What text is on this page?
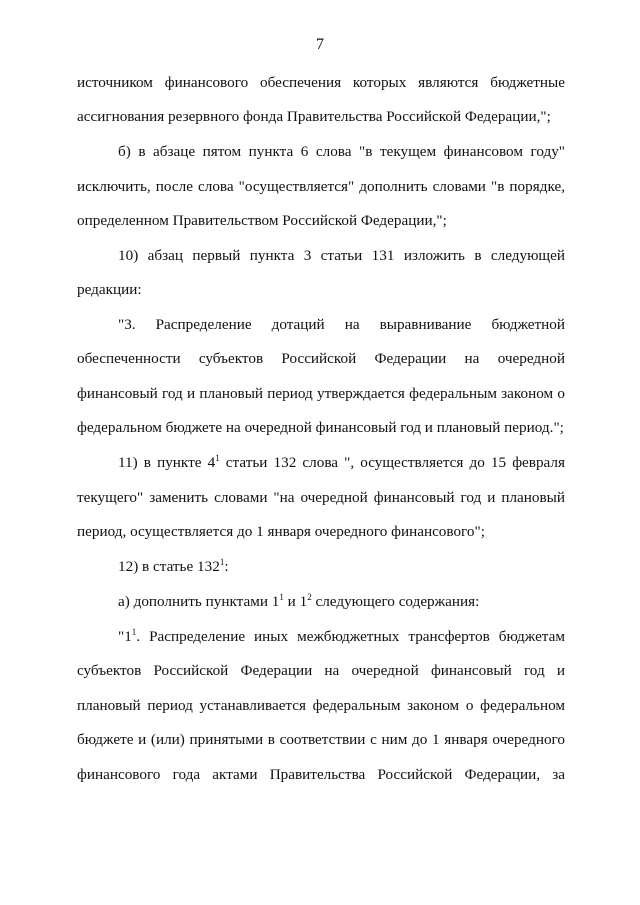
7
источником финансового обеспечения которых являются бюджетные
ассигнования резервного фонда Правительства Российской Федерации,";
б) в абзаце пятом пункта 6 слова "в текущем финансовом году"
исключить, после слова "осуществляется" дополнить словами "в порядке,
определенном Правительством Российской Федерации,";
10) абзац первый пункта 3 статьи 131 изложить в следующей
редакции:
"3. Распределение дотаций на выравнивание бюджетной
обеспеченности субъектов Российской Федерации на очередной
финансовый год и плановый период утверждается федеральным законом о
федеральном бюджете на очередной финансовый год и плановый период.";
11) в пункте $4^1$ статьи 132 слова ", осуществляется до 15 февраля
текущего" заменить словами "на очередной финансовый год и плановый
период, осуществляется до 1 января очередного финансового";
12) в статье $132^1$:
а) дополнить пунктами $1^1$ и $1^2$ следующего содержания:
"$1^1$. Распределение иных межбюджетных трансфертов бюджетам
субъектов Российской Федерации на очередной финансовый год и
плановый период устанавливается федеральным законом о федеральном
бюджете и (или) принятыми в соответствии с ним до 1 января очередного
финансового года актами Правительства Российской Федерации, за
